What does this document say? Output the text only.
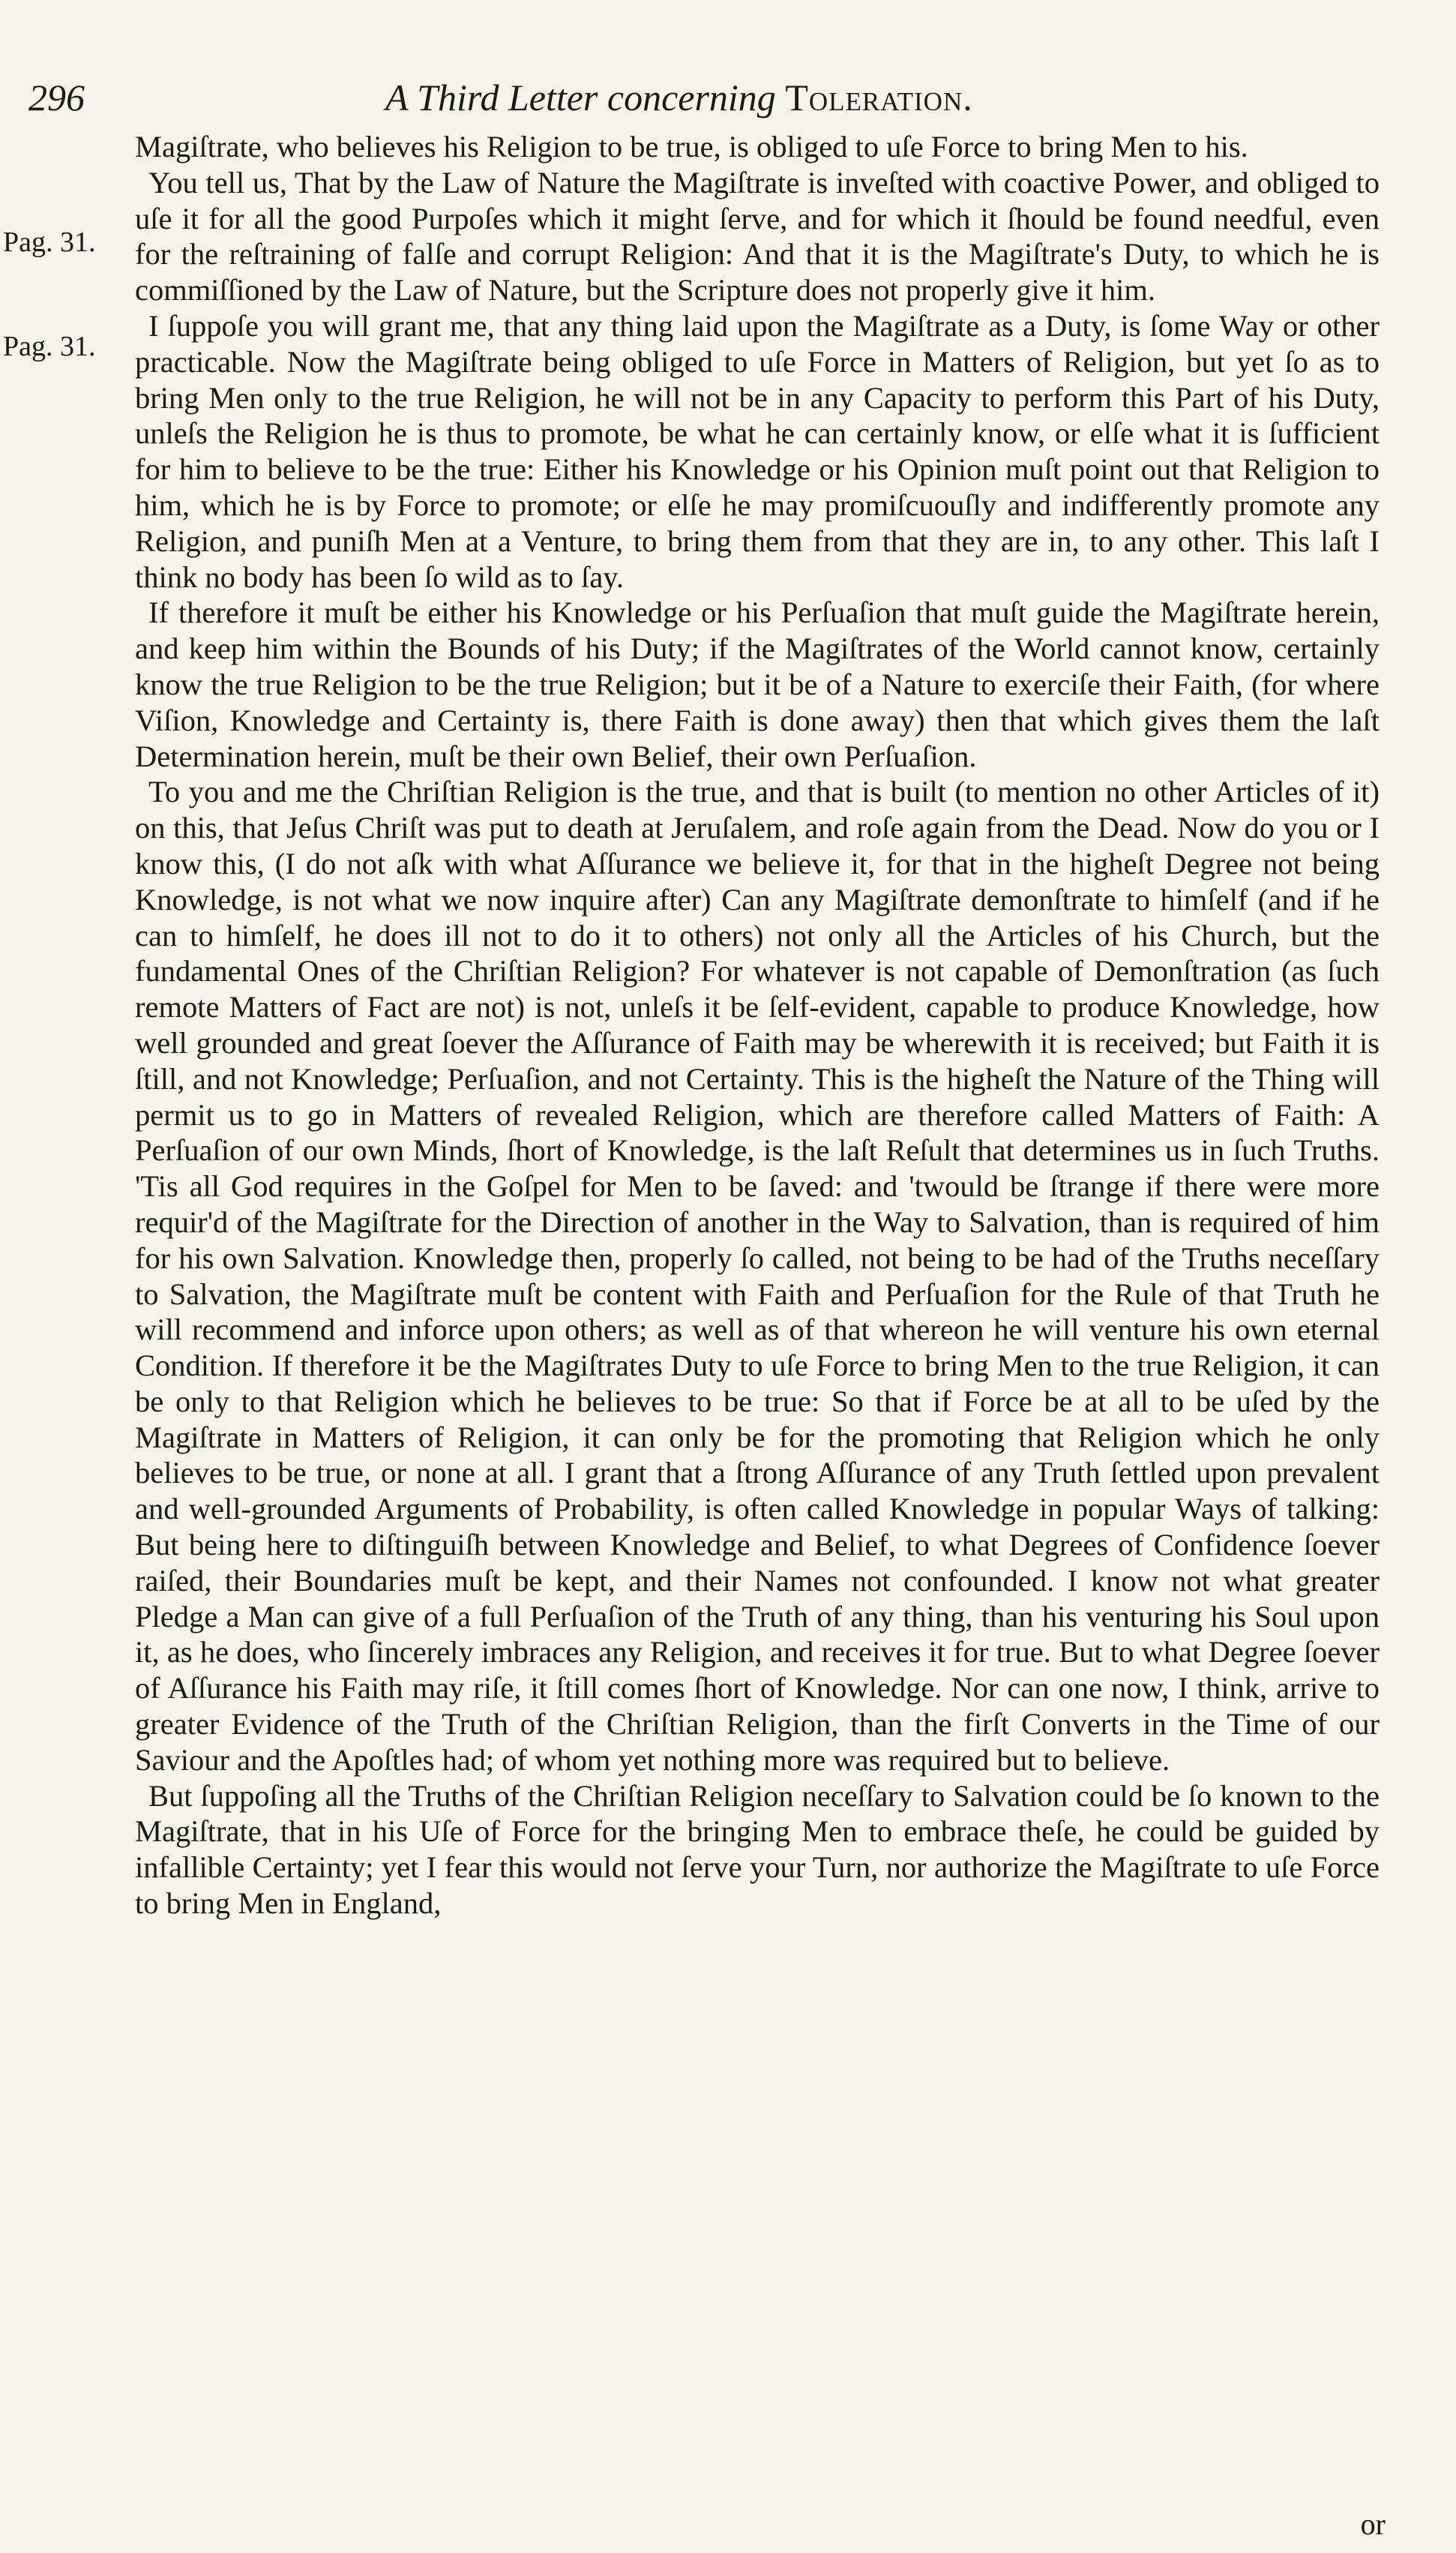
296	A Third Letter concerning Toleration.
Pag. 31.
Pag. 31.

Magiſtrate, who believes his Religion to be true, is obliged to uſe Force to bring Men to his.

You tell us, That by the Law of Nature the Magiſtrate is inveſted with coactive Power, and obliged to uſe it for all the good Purpoſes which it might ſerve, and for which it ſhould be found needful, even for the reſtraining of falſe and corrupt Religion: And that it is the Magiſtrate's Duty, to which he is commiſſioned by the Law of Nature, but the Scripture does not properly give it him.

I ſuppoſe you will grant me, that any thing laid upon the Magiſtrate as a Duty, is ſome Way or other practicable. Now the Magiſtrate being obliged to uſe Force in Matters of Religion, but yet ſo as to bring Men only to the true Religion, he will not be in any Capacity to perform this Part of his Duty, unleſs the Religion he is thus to promote, be what he can certainly know, or elſe what it is ſufficient for him to believe to be the true: Either his Knowledge or his Opinion muſt point out that Religion to him, which he is by Force to promote; or elſe he may promiſcuouſly and indifferently promote any Religion, and puniſh Men at a Venture, to bring them from that they are in, to any other. This laſt I think no body has been ſo wild as to ſay.

If therefore it muſt be either his Knowledge or his Perſuaſion that muſt guide the Magiſtrate herein, and keep him within the Bounds of his Duty; if the Magiſtrates of the World cannot know, certainly know the true Religion to be the true Religion; but it be of a Nature to exerciſe their Faith, (for where Viſion, Knowledge and Certainty is, there Faith is done away) then that which gives them the laſt Determination herein, muſt be their own Belief, their own Perſuaſion.

To you and me the Chriſtian Religion is the true, and that is built (to mention no other Articles of it) on this, that Jeſus Chriſt was put to death at Jeruſalem, and roſe again from the Dead. Now do you or I know this, (I do not aſk with what Aſſurance we believe it, for that in the higheſt Degree not being Knowledge, is not what we now inquire after) Can any Magiſtrate demonſtrate to himſelf (and if he can to himſelf, he does ill not to do it to others) not only all the Articles of his Church, but the fundamental Ones of the Chriſtian Religion? For whatever is not capable of Demonſtration (as ſuch remote Matters of Fact are not) is not, unleſs it be ſelf-evident, capable to produce Knowledge, how well grounded and great ſoever the Aſſurance of Faith may be wherewith it is received; but Faith it is ſtill, and not Knowledge; Perſuaſion, and not Certainty. This is the higheſt the Nature of the Thing will permit us to go in Matters of revealed Religion, which are therefore called Matters of Faith: A Perſuaſion of our own Minds, ſhort of Knowledge, is the laſt Reſult that determines us in ſuch Truths. 'Tis all God requires in the Goſpel for Men to be ſaved: and 'twould be ſtrange if there were more requir'd of the Magiſtrate for the Direction of another in the Way to Salvation, than is required of him for his own Salvation. Knowledge then, properly ſo called, not being to be had of the Truths neceſſary to Salvation, the Magiſtrate muſt be content with Faith and Perſuaſion for the Rule of that Truth he will recommend and inforce upon others; as well as of that whereon he will venture his own eternal Condition. If therefore it be the Magiſtrates Duty to uſe Force to bring Men to the true Religion, it can be only to that Religion which he believes to be true: So that if Force be at all to be uſed by the Magiſtrate in Matters of Religion, it can only be for the promoting that Religion which he only believes to be true, or none at all. I grant that a ſtrong Aſſurance of any Truth ſettled upon prevalent and well-grounded Arguments of Probability, is often called Knowledge in popular Ways of talking: But being here to diſtinguiſh between Knowledge and Belief, to what Degrees of Confidence ſoever raiſed, their Boundaries muſt be kept, and their Names not confounded. I know not what greater Pledge a Man can give of a full Perſuaſion of the Truth of any thing, than his venturing his Soul upon it, as he does, who ſincerely imbraces any Religion, and receives it for true. But to what Degree ſoever of Aſſurance his Faith may riſe, it ſtill comes ſhort of Knowledge. Nor can one now, I think, arrive to greater Evidence of the Truth of the Chriſtian Religion, than the firſt Converts in the Time of our Saviour and the Apoſtles had; of whom yet nothing more was required but to believe.

But ſuppoſing all the Truths of the Chriſtian Religion neceſſary to Salvation could be ſo known to the Magiſtrate, that in his Uſe of Force for the bringing Men to embrace theſe, he could be guided by infallible Certainty; yet I fear this would not ſerve your Turn, nor authorize the Magiſtrate to uſe Force to bring Men in England,

or
